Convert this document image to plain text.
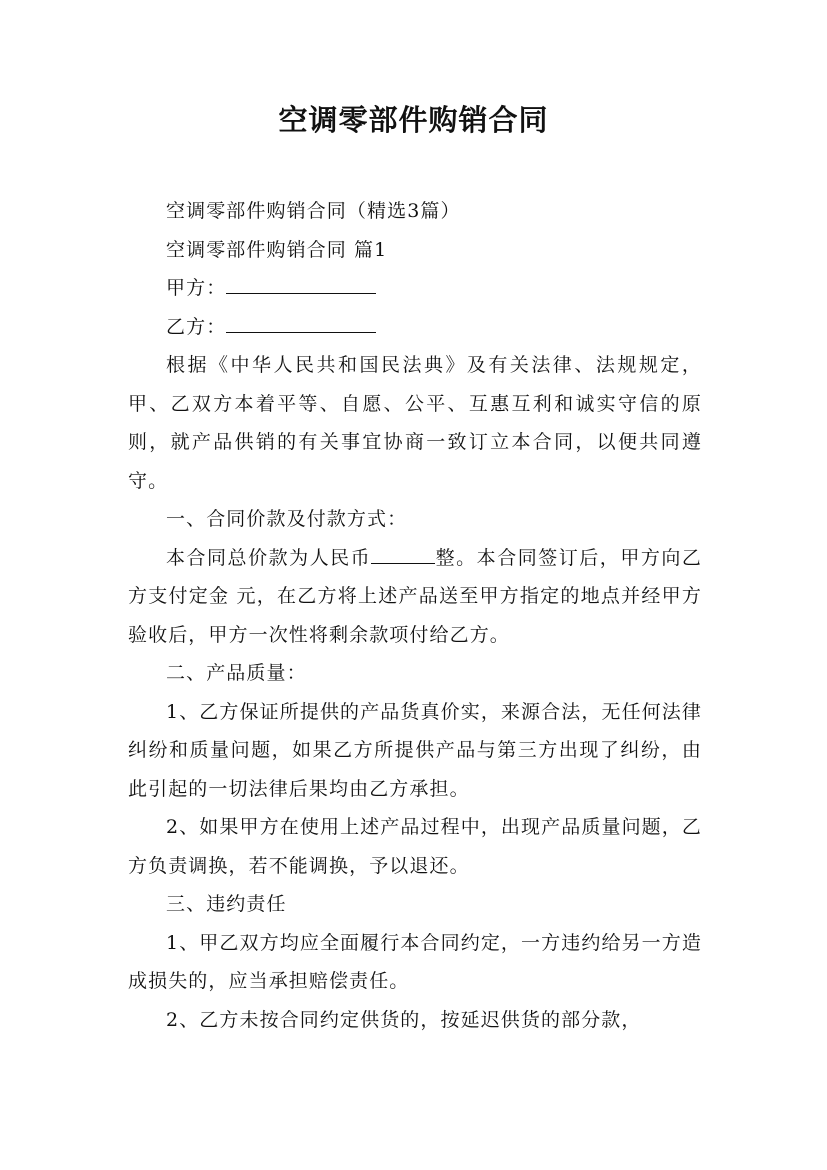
空调零部件购销合同

空调零部件购销合同（精选3篇）

空调零部件购销合同 篇1

甲方：

乙方：

根据《中华人民共和国民法典》及有关法律、法规规定，甲、乙双方本着平等、自愿、公平、互惠互利和诚实守信的原则，就产品供销的有关事宜协商一致订立本合同，以便共同遵守。

一、合同价款及付款方式：

本合同总价款为人民币	整。本合同签订后，甲方向乙方支付定金 元，在乙方将上述产品送至甲方指定的地点并经甲方验收后，甲方一次性将剩余款项付给乙方。

二、产品质量：

1、乙方保证所提供的产品货真价实，来源合法，无任何法律纠纷和质量问题，如果乙方所提供产品与第三方出现了纠纷，由此引起的一切法律后果均由乙方承担。

2、如果甲方在使用上述产品过程中，出现产品质量问题，乙方负责调换，若不能调换，予以退还。

三、违约责任

1、甲乙双方均应全面履行本合同约定，一方违约给另一方造成损失的，应当承担赔偿责任。

2、乙方未按合同约定供货的，按延迟供货的部分款，
